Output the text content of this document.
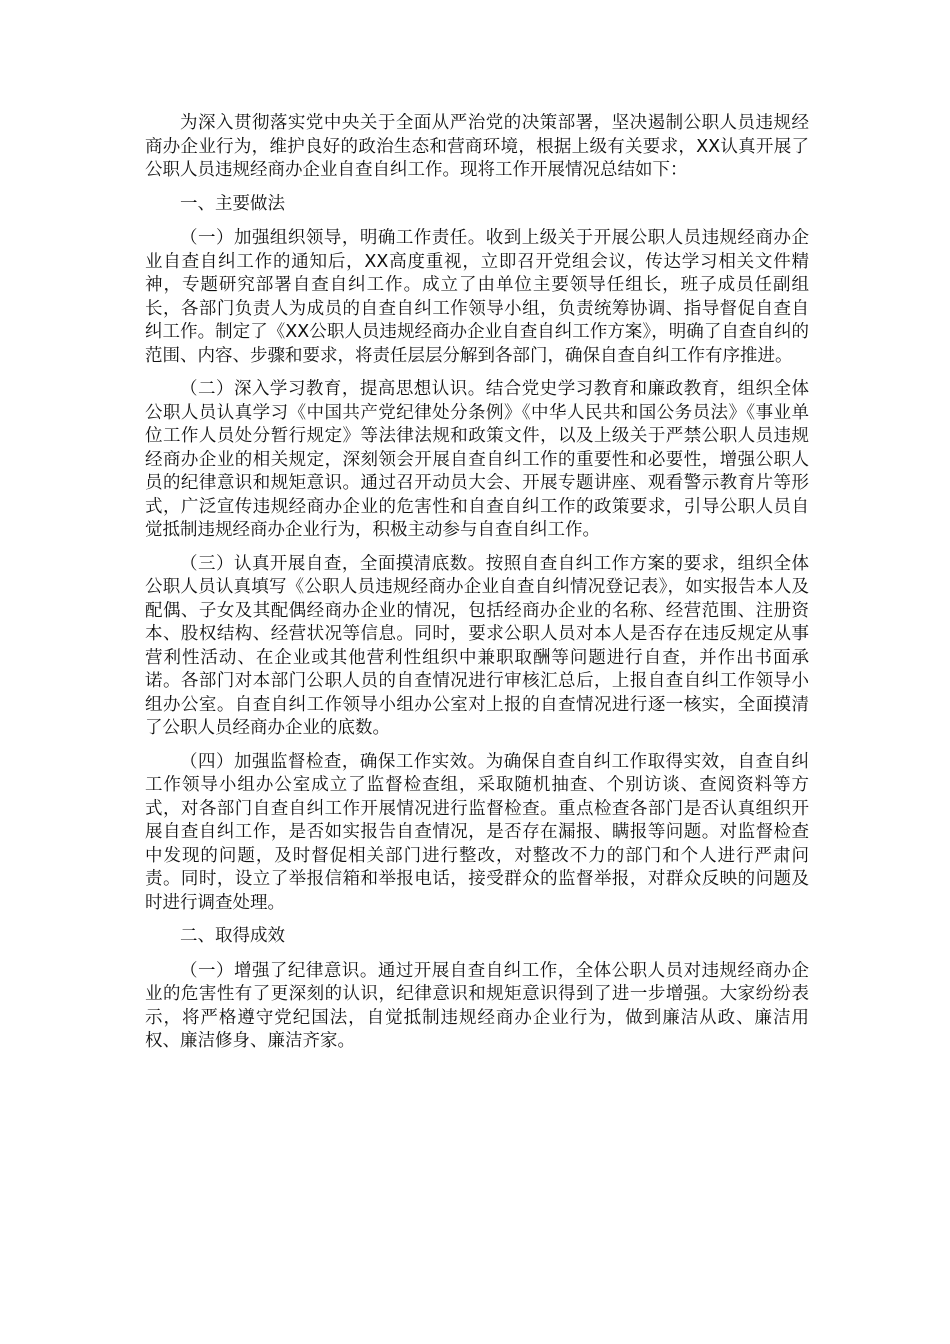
为深入贯彻落实党中央关于全面从严治党的决策部署，坚决遏制公职人员违规经商办企业行为，维护良好的政治生态和营商环境，根据上级有关要求，XX认真开展了公职人员违规经商办企业自查自纠工作。现将工作开展情况总结如下：

一、主要做法

（一）加强组织领导，明确工作责任。收到上级关于开展公职人员违规经商办企业自查自纠工作的通知后，XX高度重视，立即召开党组会议，传达学习相关文件精神，专题研究部署自查自纠工作。成立了由单位主要领导任组长，班子成员任副组长，各部门负责人为成员的自查自纠工作领导小组，负责统筹协调、指导督促自查自纠工作。制定了《XX公职人员违规经商办企业自查自纠工作方案》，明确了自查自纠的范围、内容、步骤和要求，将责任层层分解到各部门，确保自查自纠工作有序推进。

（二）深入学习教育，提高思想认识。结合党史学习教育和廉政教育，组织全体公职人员认真学习《中国共产党纪律处分条例》《中华人民共和国公务员法》《事业单位工作人员处分暂行规定》等法律法规和政策文件，以及上级关于严禁公职人员违规经商办企业的相关规定，深刻领会开展自查自纠工作的重要性和必要性，增强公职人员的纪律意识和规矩意识。通过召开动员大会、开展专题讲座、观看警示教育片等形式，广泛宣传违规经商办企业的危害性和自查自纠工作的政策要求，引导公职人员自觉抵制违规经商办企业行为，积极主动参与自查自纠工作。

（三）认真开展自查，全面摸清底数。按照自查自纠工作方案的要求，组织全体公职人员认真填写《公职人员违规经商办企业自查自纠情况登记表》，如实报告本人及配偶、子女及其配偶经商办企业的情况，包括经商办企业的名称、经营范围、注册资本、股权结构、经营状况等信息。同时，要求公职人员对本人是否存在违反规定从事营利性活动、在企业或其他营利性组织中兼职取酬等问题进行自查，并作出书面承诺。各部门对本部门公职人员的自查情况进行审核汇总后，上报自查自纠工作领导小组办公室。自查自纠工作领导小组办公室对上报的自查情况进行逐一核实，全面摸清了公职人员经商办企业的底数。

（四）加强监督检查，确保工作实效。为确保自查自纠工作取得实效，自查自纠工作领导小组办公室成立了监督检查组，采取随机抽查、个别访谈、查阅资料等方式，对各部门自查自纠工作开展情况进行监督检查。重点检查各部门是否认真组织开展自查自纠工作，是否如实报告自查情况，是否存在漏报、瞒报等问题。对监督检查中发现的问题，及时督促相关部门进行整改，对整改不力的部门和个人进行严肃问责。同时，设立了举报信箱和举报电话，接受群众的监督举报，对群众反映的问题及时进行调查处理。

二、取得成效

（一）增强了纪律意识。通过开展自查自纠工作，全体公职人员对违规经商办企业的危害性有了更深刻的认识，纪律意识和规矩意识得到了进一步增强。大家纷纷表示，将严格遵守党纪国法，自觉抵制违规经商办企业行为，做到廉洁从政、廉洁用权、廉洁修身、廉洁齐家。
